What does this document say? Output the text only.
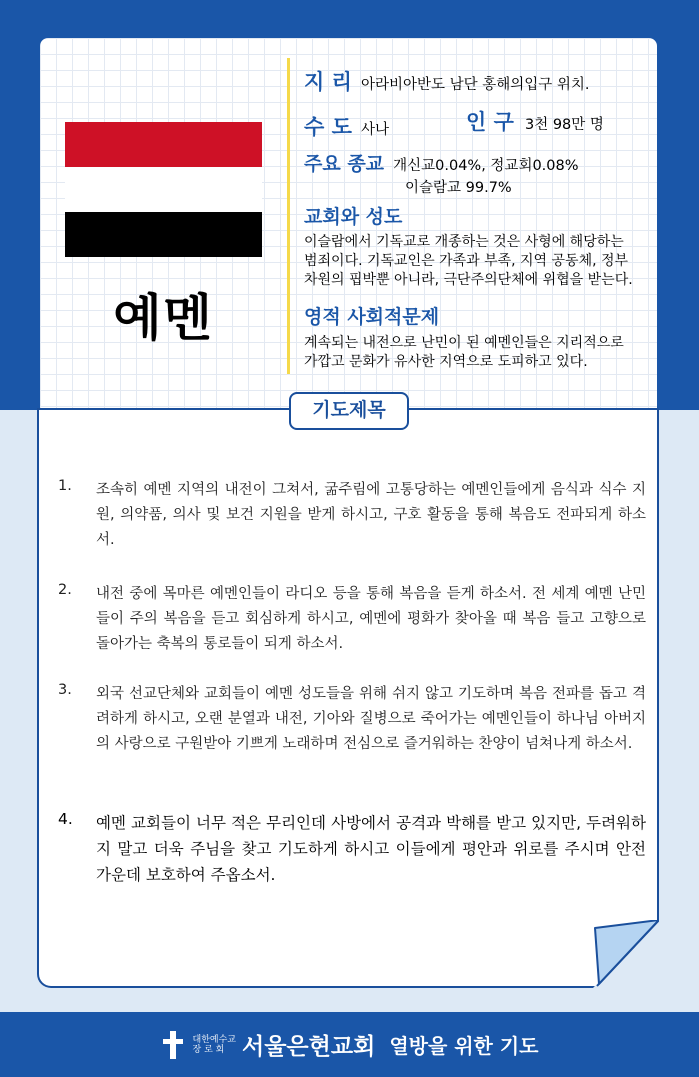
예멘
지 리 아라비아반도 남단 홍해의입구 위치.
수 도 사나	인 구 3천 98만 명
주요 종교 개신교0.04%, 정교회0.08%
이슬람교 99.7%
교회와 성도
이슬람에서 기독교로 개종하는 것은 사형에 해당하는
범죄이다. 기독교인은 가족과 부족, 지역 공동체, 정부
차원의 핍박뿐 아니라, 극단주의단체에 위협을 받는다.
영적 사회적문제
계속되는 내전으로 난민이 된 예멘인들은 지리적으로
가깝고 문화가 유사한 지역으로 도피하고 있다.
기도제목
1.	조속히 예멘 지역의 내전이 그쳐서, 굶주림에 고통당하는 예멘인들에게 음식과 식수 지원, 의약품, 의사 및 보건 지원을 받게 하시고, 구호 활동을 통해 복음도 전파되게 하소서.
2.	내전 중에 목마른 예멘인들이 라디오 등을 통해 복음을 듣게 하소서. 전 세계 예멘 난민들이 주의 복음을 듣고 회심하게 하시고, 예멘에 평화가 찾아올 때 복음 들고 고향으로 돌아가는 축복의 통로들이 되게 하소서.
3.	외국 선교단체와 교회들이 예멘 성도들을 위해 쉬지 않고 기도하며 복음 전파를 돕고 격려하게 하시고, 오랜 분열과 내전, 기아와 질병으로 죽어가는 예멘인들이 하나님 아버지의 사랑으로 구원받아 기쁘게 노래하며 전심으로 즐거워하는 찬양이 넘쳐나게 하소서.
4.	예멘 교회들이 너무 적은 무리인데 사방에서 공격과 박해를 받고 있지만, 두려워하지 말고 더욱 주님을 찾고 기도하게 하시고 이들에게 평안과 위로를 주시며 안전 가운데 보호하여 주옵소서.
대한예수교
장 로 회 서울은현교회 열방을 위한 기도
